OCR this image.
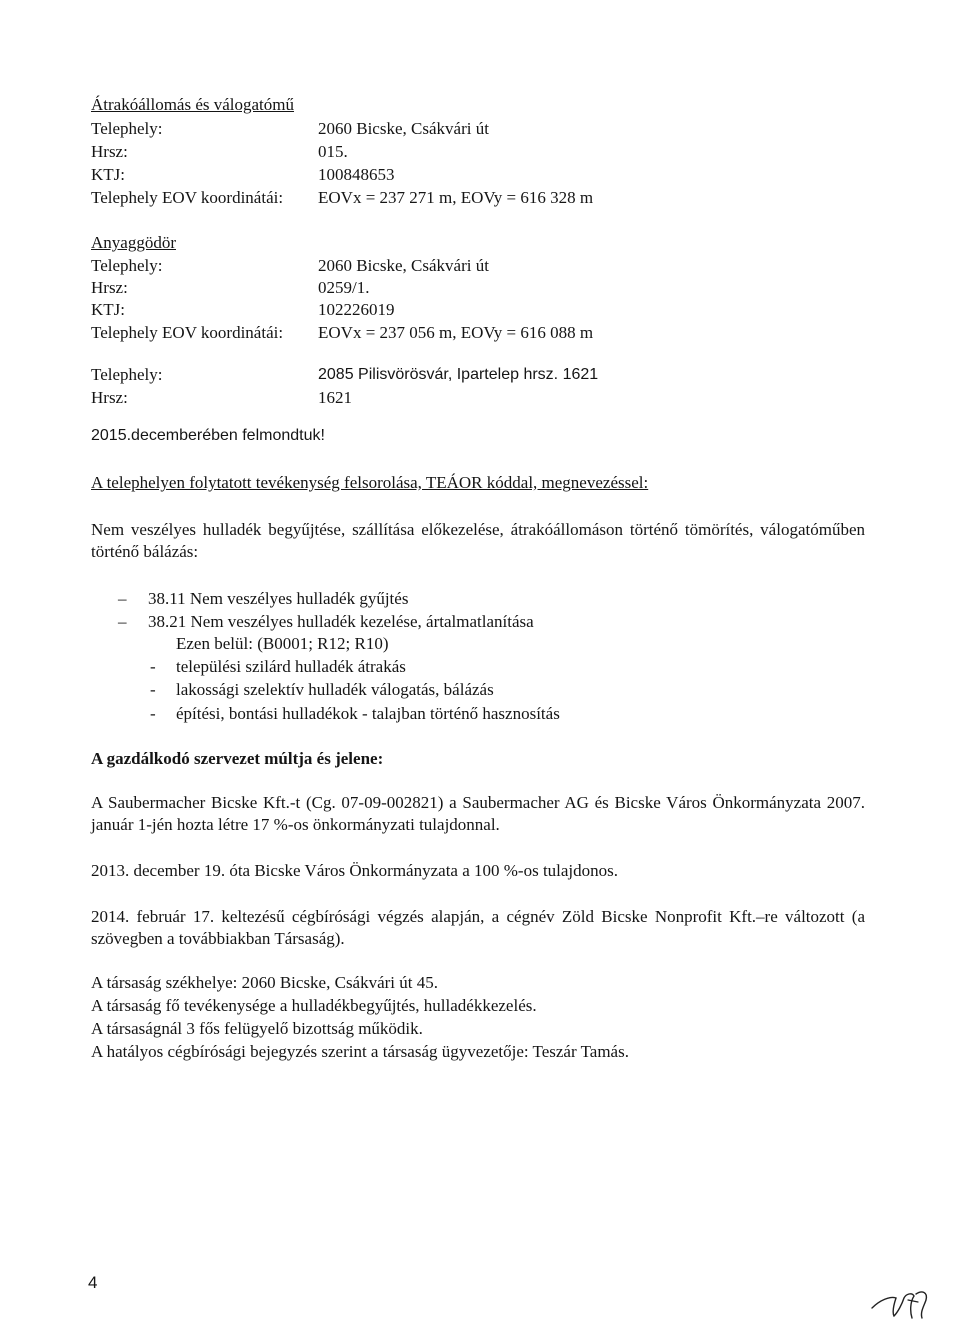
Átrakóállomás és válogatómű
Telephely:	2060 Bicske, Csákvári út
Hrsz:	015.
KTJ:	100848653
Telephely EOV koordinátái: EOVx = 237 271 m, EOVy = 616 328 m
Anyaggödör
Telephely:	2060 Bicske, Csákvári út
Hrsz:	0259/1.
KTJ:	102226019
Telephely EOV koordinátái: EOVx = 237 056 m, EOVy = 616 088 m
Telephely:	2085 Pilisvörösvár, Ipartelep hrsz. 1621
Hrsz:	1621
2015.decemberében felmondtuk!
A telephelyen folytatott tevékenység felsorolása, TEÁOR kóddal, megnevezéssel:
Nem veszélyes hulladék begyűjtése, szállítása előkezelése, átrakóállomáson történő tömörítés, válogatóműben történő bálázás:
– 38.11 Nem veszélyes hulladék gyűjtés
– 38.21 Nem veszélyes hulladék kezelése, ártalmatlanítása
Ezen belül: (B0001; R12; R10)
- települési szilárd hulladék átrakás
- lakossági szelektív hulladék válogatás, bálázás
- építési, bontási hulladékok - talajban történő hasznosítás
A gazdálkodó szervezet múltja és jelene:
A Saubermacher Bicske Kft.-t (Cg. 07-09-002821) a Saubermacher AG és Bicske Város Önkormányzata 2007. január 1-jén hozta létre 17 %-os önkormányzati tulajdonnal.
2013. december 19. óta Bicske Város Önkormányzata a 100 %-os tulajdonos.
2014. február 17. keltezésű cégbírósági végzés alapján, a cégnév Zöld Bicske Nonprofit Kft.–re változott (a szövegben a továbbiakban Társaság).
A társaság székhelye: 2060 Bicske, Csákvári út 45.
A társaság fő tevékenysége a hulladékbegyűjtés, hulladékkezelés.
A társaságnál 3 fős felügyelő bizottság működik.
A hatályos cégbírósági bejegyzés szerint a társaság ügyvezetője: Teszár Tamás.
4
